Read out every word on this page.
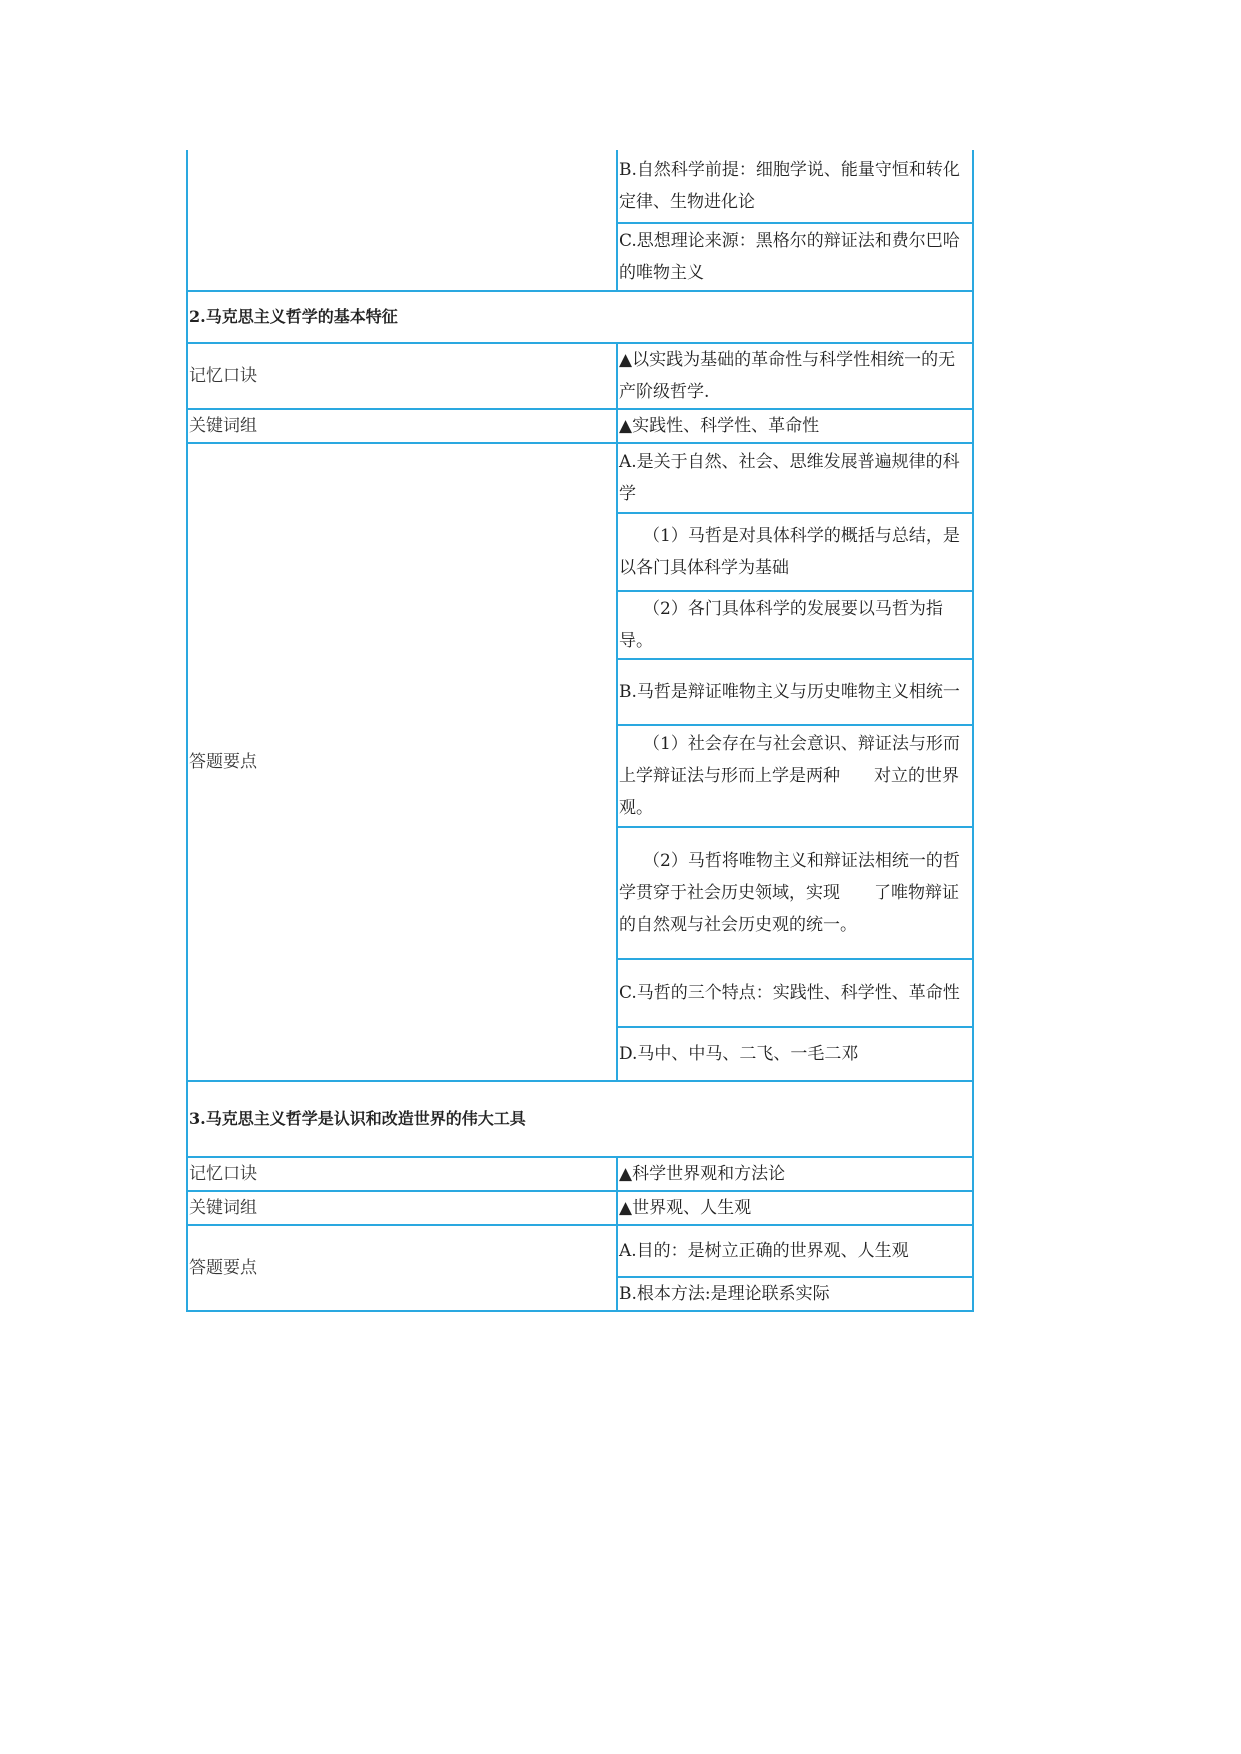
	B.自然科学前提：细胞学说、能量守恒和转化定律、生物进化论
	C.思想理论来源：黑格尔的辩证法和费尔巴哈的唯物主义
2.马克思主义哲学的基本特征	
记忆口诀	▲以实践为基础的革命性与科学性相统一的无产阶级哲学.
关键词组	▲实践性、科学性、革命性
答题要点	A.是关于自然、社会、思维发展普遍规律的科学

	（1）马哲是对具体科学的概括与总结，是以各门具体科学为基础

	（2）各门具体科学的发展要以马哲为指导。

	B.马哲是辩证唯物主义与历史唯物主义相统一

	（1）社会存在与社会意识、辩证法与形而上学辩证法与形而上学是两种　　对立的世界观。

	（2）马哲将唯物主义和辩证法相统一的哲学贯穿于社会历史领域，实现　　了唯物辩证的自然观与社会历史观的统一。

	C.马哲的三个特点：实践性、科学性、革命性
	D.马中、中马、二飞、一毛二邓
3.马克思主义哲学是认识和改造世界的伟大工具	
记忆口诀	▲科学世界观和方法论
关键词组	▲世界观、人生观
答题要点	A.目的：是树立正确的世界观、人生观
	B.根本方法:是理论联系实际
